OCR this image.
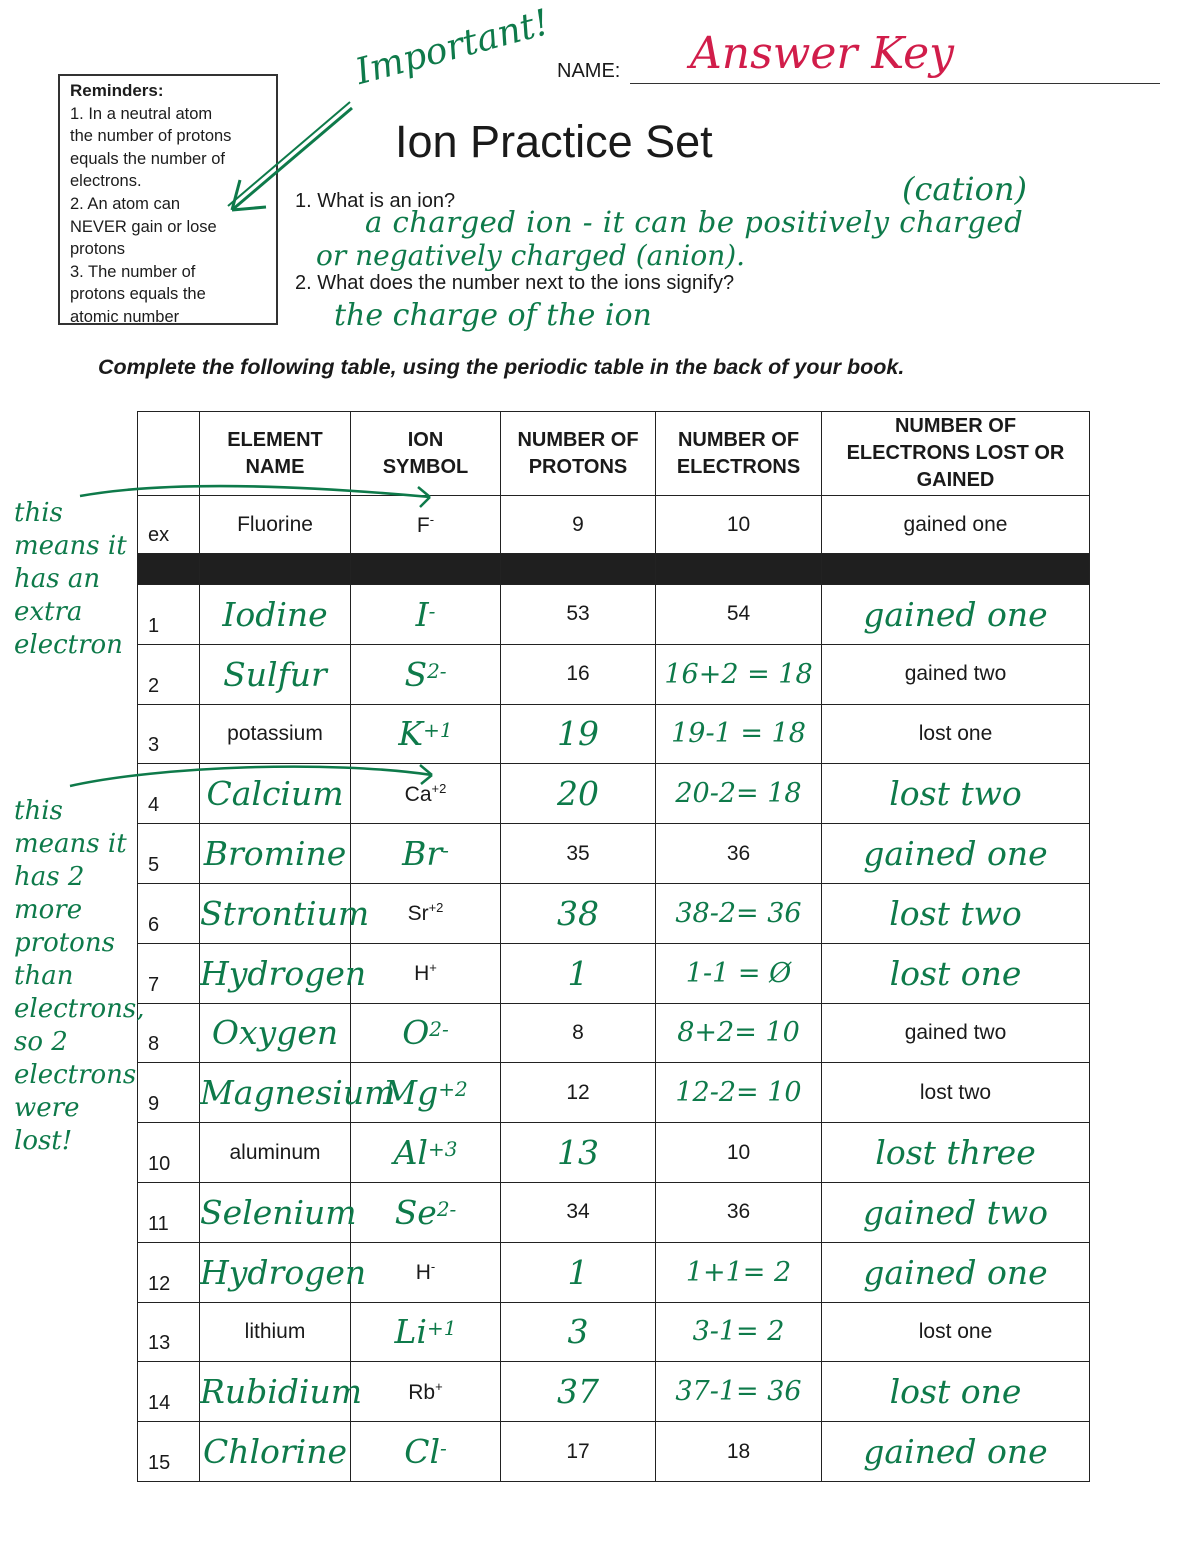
Reminders:
1. In a neutral atom
the number of protons
equals the number of
electrons.
2. An atom can
NEVER gain or lose
protons
3. The number of
protons equals the
atomic number
Important! NAME: Answer Key
Ion Practice Set
1. What is an ion?	(cation)
a charged ion - it can be positively charged
or negatively charged (anion).
2. What does the number next to the ions signify?
the charge of the ion
Complete the following table, using the periodic table in the back of your book.
	ELEMENT NAME	ION SYMBOL	NUMBER OF PROTONS	NUMBER OF ELECTRONS	NUMBER OF ELECTRONS LOST OR GAINED
ex	Fluorine	F-	9	10	gained one

1	Iodine	I-	53	54	gained one
2	Sulfur	$S^{2-}$	16	16+2 = 18	gained two
3	potassium	$K^{+1}$	19	19-1 = 18	lost one
4	Calcium	$Ca^{+2}$	20	20-2= 18	lost two
5	Bromine	Br-	35	36	gained one
6	Strontium	$Sr^{+2}$	38	38-2= 36	lost two
7	Hydrogen	H+	1	1-1 = Ø	lost one
8	Oxygen	$O^{2-}$	8	8+2= 10	gained two
9	Magnesium	$Mg^{+2}$	12	12-2= 10	lost two
10	aluminum	$Al^{+3}$	13	10	lost three
11	Selenium	$Se^{2-}$	34	36	gained two
12	Hydrogen	H-	1	1+1= 2	gained one
13	lithium	$Li^{+1}$	3	3-1= 2	lost one
14	Rubidium	Rb+	37	37-1= 36	lost one
15	Chlorine	Cl-	17	18	gained one
this means it has an extra electron
this means it has 2 more protons than electrons, so 2 electrons were lost!
